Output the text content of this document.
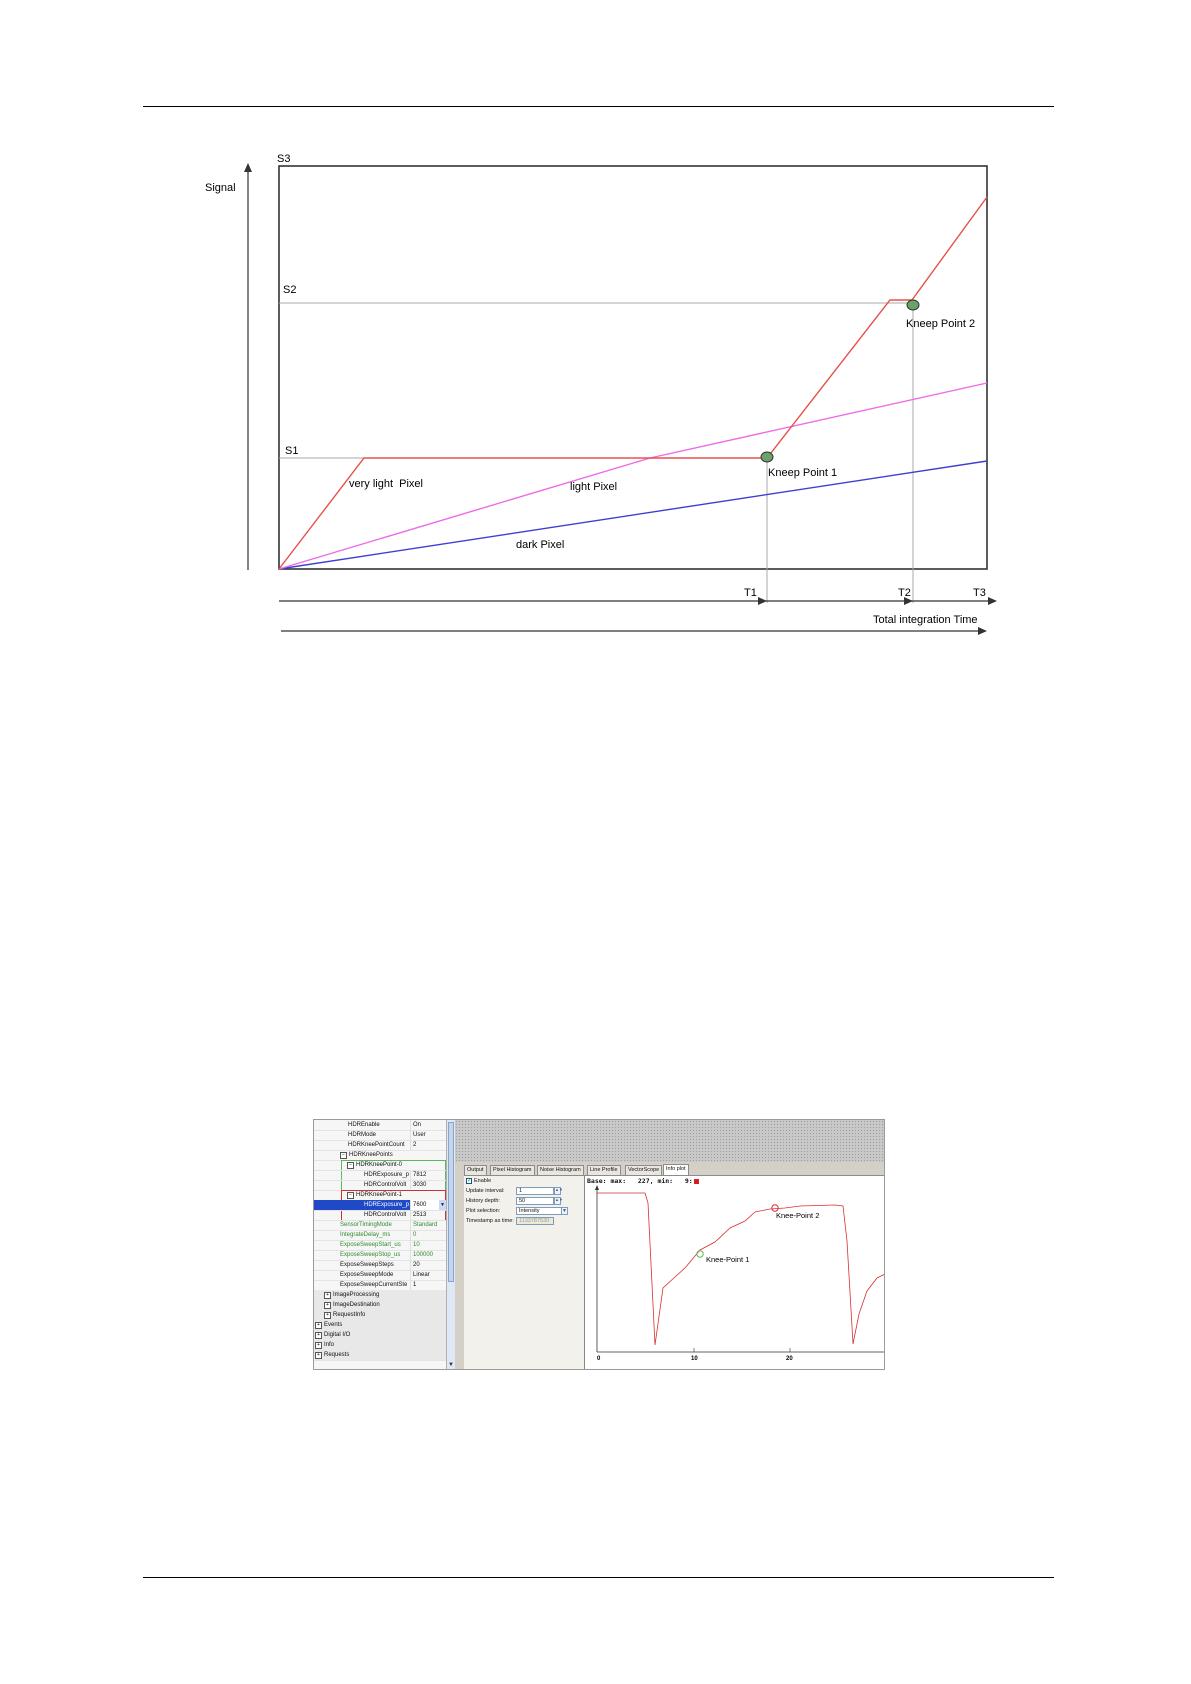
Signal
S3
S2
S1
very light  Pixel	light Pixel
dark Pixel
Kneep Point 1
Kneep Point 2
T1	T2	T3
Total integration Time
HDREnable	On
HDRMode	User
HDRKneePointCount	2
− HDRKneePoints
− HDRKneePoint-0
HDRExposure_p 7812
HDRControlVolt	3030
− HDRKneePoint-1
HDRExposure_p 7600	▼
HDRControlVolt	2513
SensorTimingMode	Standard
IntegrateDelay_ms	0
ExposeSweepStart_us	10
ExposeSweepStop_us	100000
ExposeSweepSteps	20
ExposeSweepMode	Linear
ExposeSweepCurrentSte 1
+ ImageProcessing
+ ImageDestination
+ RequestInfo
+ Events
+ Digital I/O
+ Info
+ Requests
▼
Output	Pixel Histogram	Noise Histogram	Line Profile	VectorScope	Info plot
✓ Enable
Update interval:	1	▲▼
History depth:	50	▲▼
Plot selection:	Intensity	▼
Timestamp as time: 1133787530
Base: max:   227, min:   9:
Knee-Point 1
Knee-Point 2
0	10	20
